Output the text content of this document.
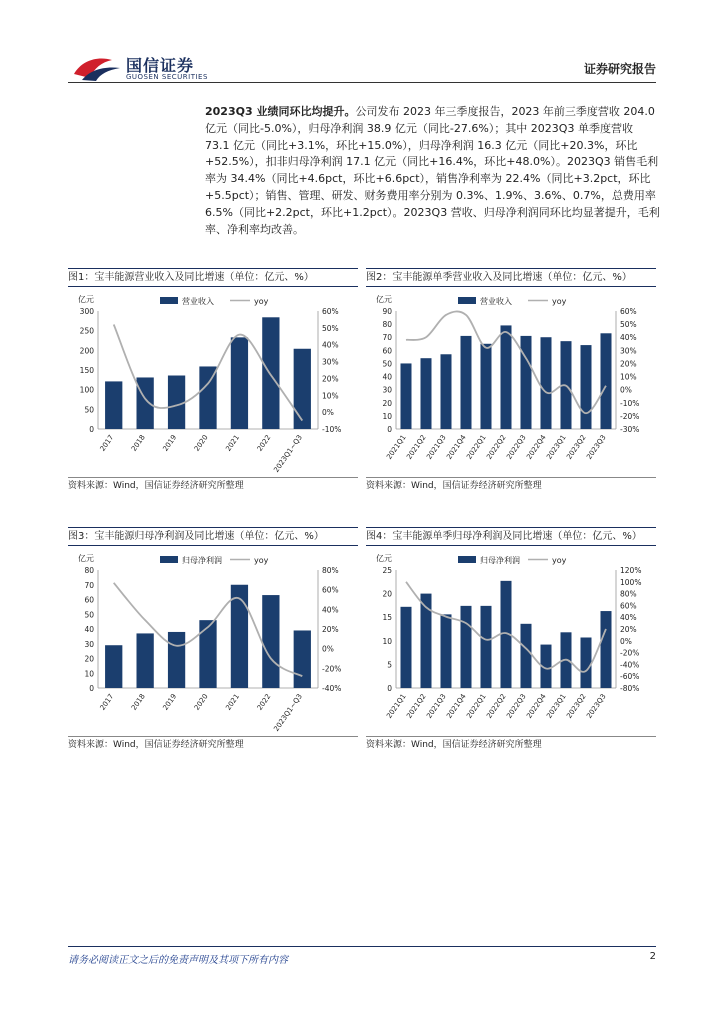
国信证券
GUOSEN SECURITIES
证券研究报告

2023Q3 业绩同环比均提升。公司发布 2023 年三季度报告，2023 年前三季度营收 204.0 亿元（同比-5.0%），归母净利润 38.9 亿元（同比-27.6%）；其中 2023Q3 单季度营收 73.1 亿元（同比+3.1%，环比+15.0%），归母净利润 16.3 亿元（同比+20.3%，环比+52.5%），扣非归母净利润 17.1 亿元（同比+16.4%，环比+48.0%）。2023Q3 销售毛利率为 34.4%（同比+4.6pct，环比+6.6pct），销售净利率为 22.4%（同比+3.2pct，环比+5.5pct）；销售、管理、研发、财务费用率分别为 0.3%、1.9%、3.6%、0.7%，总费用率 6.5%（同比+2.2pct，环比+1.2pct）。2023Q3 营收、归母净利润同环比均显著提升，毛利率、净利率均改善。

图1：宝丰能源营业收入及同比增速（单位：亿元、%）
亿元	营业收入	yoy
0
50
100
150
200
250
300
-10%
0%
10%
20%
30%
40%
50%
60%
2017 2018 2019 2020 2021 2022 2023Q1~Q3
资料来源：Wind，国信证券经济研究所整理
图2：宝丰能源单季营业收入及同比增速（单位：亿元、%）
亿元	营业收入	yoy
0
10
20
30
40
50
60
70
80
90
-30%
-20%
-10%
0%
10%
20%
30%
40%
50%
60%
2021Q1
2021Q2
2021Q3
2021Q4
2022Q1
2022Q2
2022Q3
2022Q4
2023Q1
2023Q2
2023Q3
资料来源：Wind，国信证券经济研究所整理
图3：宝丰能源归母净利润及同比增速（单位：亿元、%）
亿元	归母净利润	yoy
0
10
20
30
40
50
60
70
80
-40%
-20%
0%
20%
40%
60%
80%
2017 2018 2019 2020 2021 2022 2023Q1~Q3
资料来源：Wind，国信证券经济研究所整理
图4：宝丰能源单季归母净利润及同比增速（单位：亿元、%）
亿元	归母净利润	yoy
0
5
10
15
20
25
-80%
-60%
-40%
-20%
0%
20%
40%
60%
80%
100%
120%
2021Q1
2021Q2
2021Q3
2021Q4
2022Q1
2022Q2
2022Q3
2022Q4
2023Q1
2023Q2
2023Q3
资料来源：Wind，国信证券经济研究所整理
请务必阅读正文之后的免责声明及其项下所有内容	2
